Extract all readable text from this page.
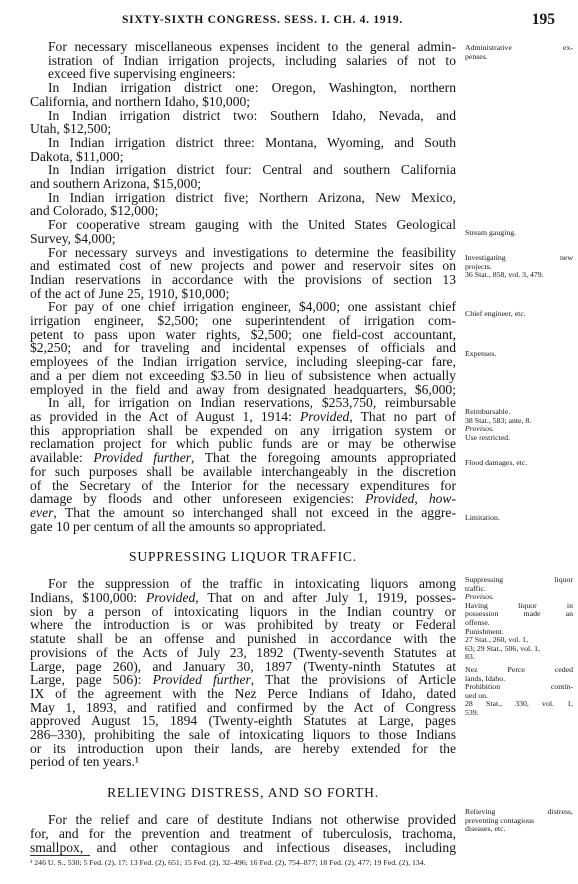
SIXTY-SIXTH CONGRESS. SESS. I. CH. 4. 1919.	195

For necessary miscellaneous expenses incident to the general admin-
istration of Indian irrigation projects, including salaries of not to
exceed five supervising engineers:

In Indian irrigation district one: Oregon, Washington, northern
California, and northern Idaho, $10,000;

In Indian irrigation district two: Southern Idaho, Nevada, and
Utah, $12,500;

In Indian irrigation district three: Montana, Wyoming, and South
Dakota, $11,000;

In Indian irrigation district four: Central and southern California
and southern Arizona, $15,000;

In Indian irrigation district five; Northern Arizona, New Mexico,
and Colorado, $12,000;

For cooperative stream gauging with the United States Geological
Survey, $4,000;

For necessary surveys and investigations to determine the feasibility
and estimated cost of new projects and power and reservoir sites on
Indian reservations in accordance with the provisions of section 13
of the act of June 25, 1910, $10,000;

For pay of one chief irrigation engineer, $4,000; one assistant chief
irrigation engineer, $2,500; one superintendent of irrigation com-
petent to pass upon water rights, $2,500; one field-cost accountant,
$2,250; and for traveling and incidental expenses of officials and
employees of the Indian irrigation service, including sleeping-car fare,
and a per diem not exceeding $3.50 in lieu of subsistence when actually
employed in the field and away from designated headquarters, $6,000;

In all, for irrigation on Indian reservations, $253,750, reimbursable
as provided in the Act of August 1, 1914: Provided, That no part of
this appropriation shall be expended on any irrigation system or
reclamation project for which public funds are or may be otherwise
available: Provided further, That the foregoing amounts appropriated
for such purposes shall be available interchangeably in the discretion
of the Secretary of the Interior for the necessary expenditures for
damage by floods and other unforeseen exigencies: Provided, how-
ever, That the amount so interchanged shall not exceed in the aggre-
gate 10 per centum of all the amounts so appropriated.

SUPPRESSING LIQUOR TRAFFIC.

For the suppression of the traffic in intoxicating liquors among
Indians, $100,000: Provided, That on and after July 1, 1919, posses-
sion by a person of intoxicating liquors in the Indian country or
where the introduction is or was prohibited by treaty or Federal
statute shall be an offense and punished in accordance with the
provisions of the Acts of July 23, 1892 (Twenty-seventh Statutes at
Large, page 260), and January 30, 1897 (Twenty-ninth Statutes at
Large, page 506): Provided further, That the provisions of Article
IX of the agreement with the Nez Perce Indians of Idaho, dated
May 1, 1893, and ratified and confirmed by the Act of Congress
approved August 15, 1894 (Twenty-eighth Statutes at Large, pages
286–330), prohibiting the sale of intoxicating liquors to those Indians
or its introduction upon their lands, are hereby extended for the
period of ten years.¹

RELIEVING DISTRESS, AND SO FORTH.

For the relief and care of destitute Indians not otherwise provided
for, and for the prevention and treatment of tuberculosis, trachoma,
smallpox, and other contagious and infectious diseases, including

Administrative ex-
penses.
Stream gauging.
Investigating new
projects.
36 Stat., 858, vol. 3, 479.
Chief engineer, etc.
Expenses.
Reimbursable.
38 Stat., 583; ante, 8.
Provisos.
Use restricted.
Flood damages, etc.
Limitation.
Suppressing liquor
traffic.
Provisos.
Having liquor in
possession made an
offense.
Punishment.
27 Stat., 260, vol. 1,
63; 29 Stat., 506, vol. 1,
83.
Nez Perce ceded
lands, Idaho.
Prohibition contin-
ued on.
28 Stat., 330, vol. 1,
539.
Relieving distress,
preventing contagious
diseases, etc.
¹ 246 U. S., 530; 5 Fed. (2), 17; 13 Fed. (2), 651; 15 Fed. (2), 32–496; 16 Fed. (2), 754–877; 18 Fed. (2), 477; 19 Fed. (2), 134.
